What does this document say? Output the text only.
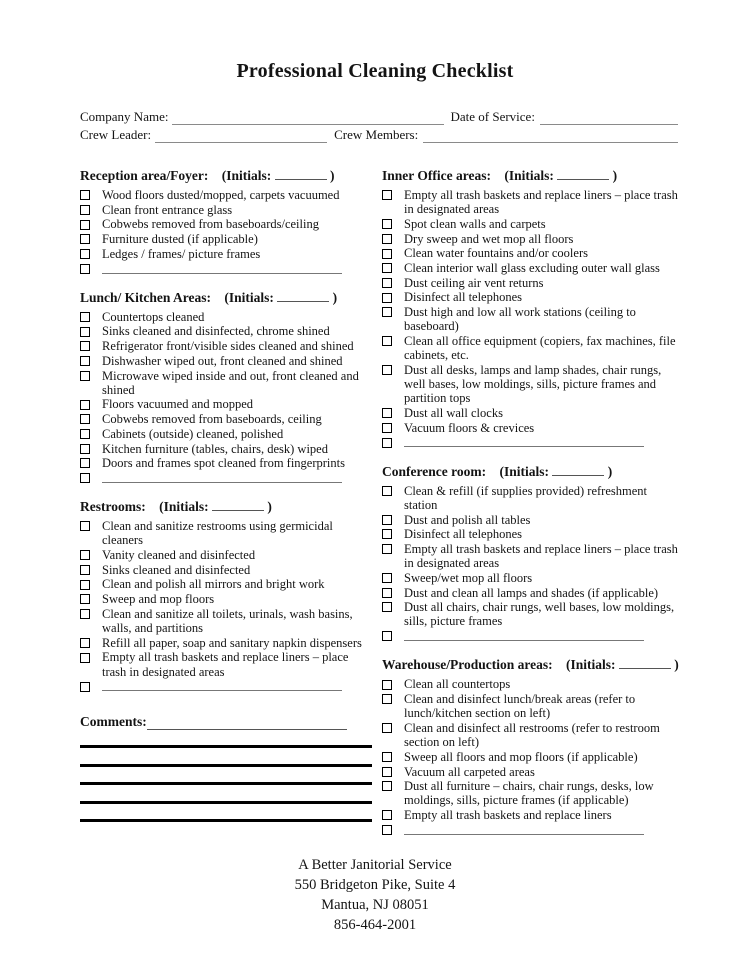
Professional Cleaning Checklist
Company Name:	Date of Service:
Crew Leader:	Crew Members:
Reception area/Foyer: (Initials:	)
Wood floors dusted/mopped, carpets vacuumed
Clean front entrance glass
Cobwebs removed from baseboards/ceiling
Furniture dusted (if applicable)
Ledges / frames/ picture frames
Lunch/ Kitchen Areas: (Initials:	)
Countertops cleaned
Sinks cleaned and disinfected, chrome shined
Refrigerator front/visible sides cleaned and shined
Dishwasher wiped out, front cleaned and shined
Microwave wiped inside and out, front cleaned and shined
Floors vacuumed and mopped
Cobwebs removed from baseboards, ceiling
Cabinets (outside) cleaned, polished
Kitchen furniture (tables, chairs, desk) wiped
Doors and frames spot cleaned from fingerprints
Restrooms: (Initials:	)
Clean and sanitize restrooms using germicidal cleaners
Vanity cleaned and disinfected
Sinks cleaned and disinfected
Clean and polish all mirrors and bright work
Sweep and mop floors
Clean and sanitize all toilets, urinals, wash basins, walls, and partitions
Refill all paper, soap and sanitary napkin dispensers
Empty all trash baskets and replace liners – place trash in designated areas
Comments:
Inner Office areas: (Initials:	)
Empty all trash baskets and replace liners – place trash in designated areas
Spot clean walls and carpets
Dry sweep and wet mop all floors
Clean water fountains and/or coolers
Clean interior wall glass excluding outer wall glass
Dust ceiling air vent returns
Disinfect all telephones
Dust high and low all work stations (ceiling to baseboard)
Clean all office equipment (copiers, fax machines, file cabinets, etc.
Dust all desks, lamps and lamp shades, chair rungs, well bases, low moldings, sills, picture frames and partition tops
Dust all wall clocks
Vacuum floors & crevices
Conference room: (Initials:	)
Clean & refill (if supplies provided) refreshment station
Dust and polish all tables
Disinfect all telephones
Empty all trash baskets and replace liners – place trash in designated areas
Sweep/wet mop all floors
Dust and clean all lamps and shades (if applicable)
Dust all chairs, chair rungs, well bases, low moldings, sills, picture frames
Warehouse/Production areas: (Initials:	)
Clean all countertops
Clean and disinfect lunch/break areas (refer to lunch/kitchen section on left)
Clean and disinfect all restrooms (refer to restroom section on left)
Sweep all floors and mop floors (if applicable)
Vacuum all carpeted areas
Dust all furniture – chairs, chair rungs, desks, low moldings, sills, picture frames (if applicable)
Empty all trash baskets and replace liners
A Better Janitorial Service
550 Bridgeton Pike, Suite 4
Mantua, NJ 08051
856-464-2001
